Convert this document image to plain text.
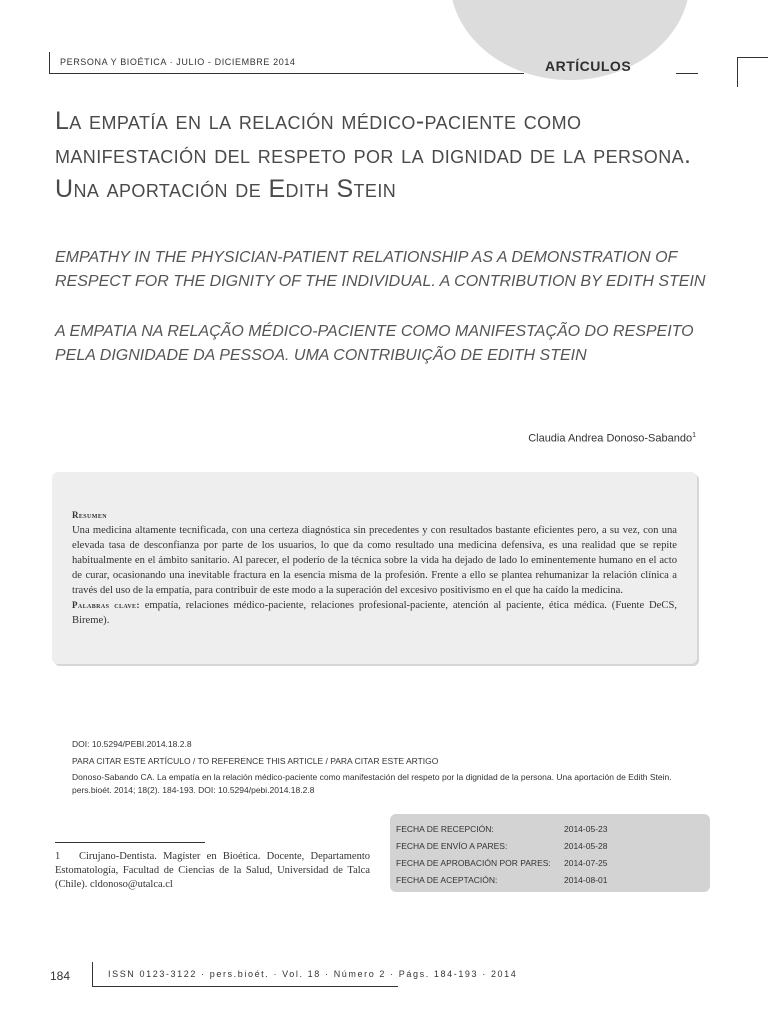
PERSONA Y BIOÉTICA · JULIO - DICIEMBRE 2014	ARTÍCULOS
La empatía en la relación médico-paciente como manifestación del respeto por la dignidad de la persona. Una aportación de Edith Stein

EMPATHY IN THE PHYSICIAN-PATIENT RELATIONSHIP AS A DEMONSTRATION OF RESPECT FOR THE DIGNITY OF THE INDIVIDUAL. A CONTRIBUTION BY EDITH STEIN

A EMPATIA NA RELAÇÃO MÉDICO-PACIENTE COMO MANIFESTAÇÃO DO RESPEITO PELA DIGNIDADE DA PESSOA. UMA CONTRIBUIÇÃO DE EDITH STEIN

Claudia Andrea Donoso-Sabando$^1$
Resumen
Una medicina altamente tecnificada, con una certeza diagnóstica sin precedentes y con resultados bastante eficientes pero, a su vez, con una elevada tasa de desconfianza por parte de los usuarios, lo que da como resultado una medicina defensiva, es una realidad que se repite habitualmente en el ámbito sanitario. Al parecer, el poderío de la técnica sobre la vida ha dejado de lado lo eminentemente humano en el acto de curar, ocasionando una inevitable fractura en la esencia misma de la profesión. Frente a ello se plantea rehumanizar la relación clínica a través del uso de la empatía, para contribuir de este modo a la superación del excesivo positivismo en el que ha caído la medicina.
Palabras clave: empatía, relaciones médico-paciente, relaciones profesional-paciente, atención al paciente, ética médica. (Fuente DeCS, Bireme).
DOI: 10.5294/PEBI.2014.18.2.8
PARA CITAR ESTE ARTÍCULO / TO REFERENCE THIS ARTICLE / PARA CITAR ESTE ARTIGO
Donoso-Sabando CA. La empatía en la relación médico-paciente como manifestación del respeto por la dignidad de la persona. Una aportación de Edith Stein. pers.bioét. 2014; 18(2). 184-193. DOI: 10.5294/pebi.2014.18.2.8
1 Cirujano-Dentista. Magíster en Bioética. Docente, Departamento Estomatología, Facultad de Ciencias de la Salud, Universidad de Talca (Chile). cldonoso@utalca.cl
FECHA DE RECEPCIÓN:	2014-05-23
FECHA DE ENVÍO A PARES:	2014-05-28
FECHA DE APROBACIÓN POR PARES:	2014-07-25
FECHA DE ACEPTACIÓN:	2014-08-01
184	ISSN 0123-3122 · pers.bioét. · Vol. 18 · Número 2 · Págs. 184-193 · 2014
